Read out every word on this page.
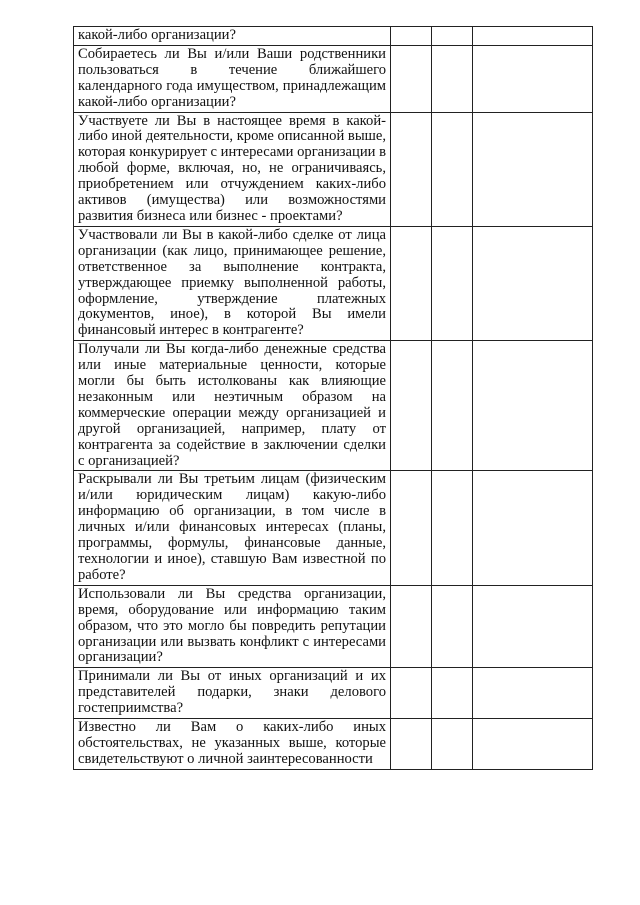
какой-либо организации?			

Собираетесь ли Вы и/или Ваши родственники пользоваться в течение ближайшего календарного года имуществом, принадлежащим какой-либо организации?			

Участвуете ли Вы в настоящее время в какой-либо иной деятельности, кроме описанной выше, которая конкурирует с интересами организации в любой форме, включая, но, не ограничиваясь, приобретением или отчуждением каких-либо активов (имущества) или возможностями развития бизнеса или бизнес - проектами?			

Участвовали ли Вы в какой-либо сделке от лица организации (как лицо, принимающее решение, ответственное за выполнение контракта, утверждающее приемку выполненной работы, оформление, утверждение платежных документов, иное), в которой Вы имели финансовый интерес в контрагенте?			

Получали ли Вы когда-либо денежные средства или иные материальные ценности, которые могли бы быть истолкованы как влияющие незаконным или неэтичным образом на коммерческие операции между организацией и другой организацией, например, плату от контрагента за содействие в заключении сделки с организацией?			

Раскрывали ли Вы третьим лицам (физическим и/или юридическим лицам) какую-либо информацию об организации, в том числе в личных и/или финансовых интересах (планы, программы, формулы, финансовые данные, технологии и иное), ставшую Вам известной по работе?			

Использовали ли Вы средства организации, время, оборудование или информацию таким образом, что это могло бы повредить репутации организации или вызвать конфликт с интересами организации?			

Принимали ли Вы от иных организаций и их представителей подарки, знаки делового гостеприимства?			

Известно ли Вам о каких-либо иных обстоятельствах, не указанных выше, которые свидетельствуют о личной заинтересованности			
